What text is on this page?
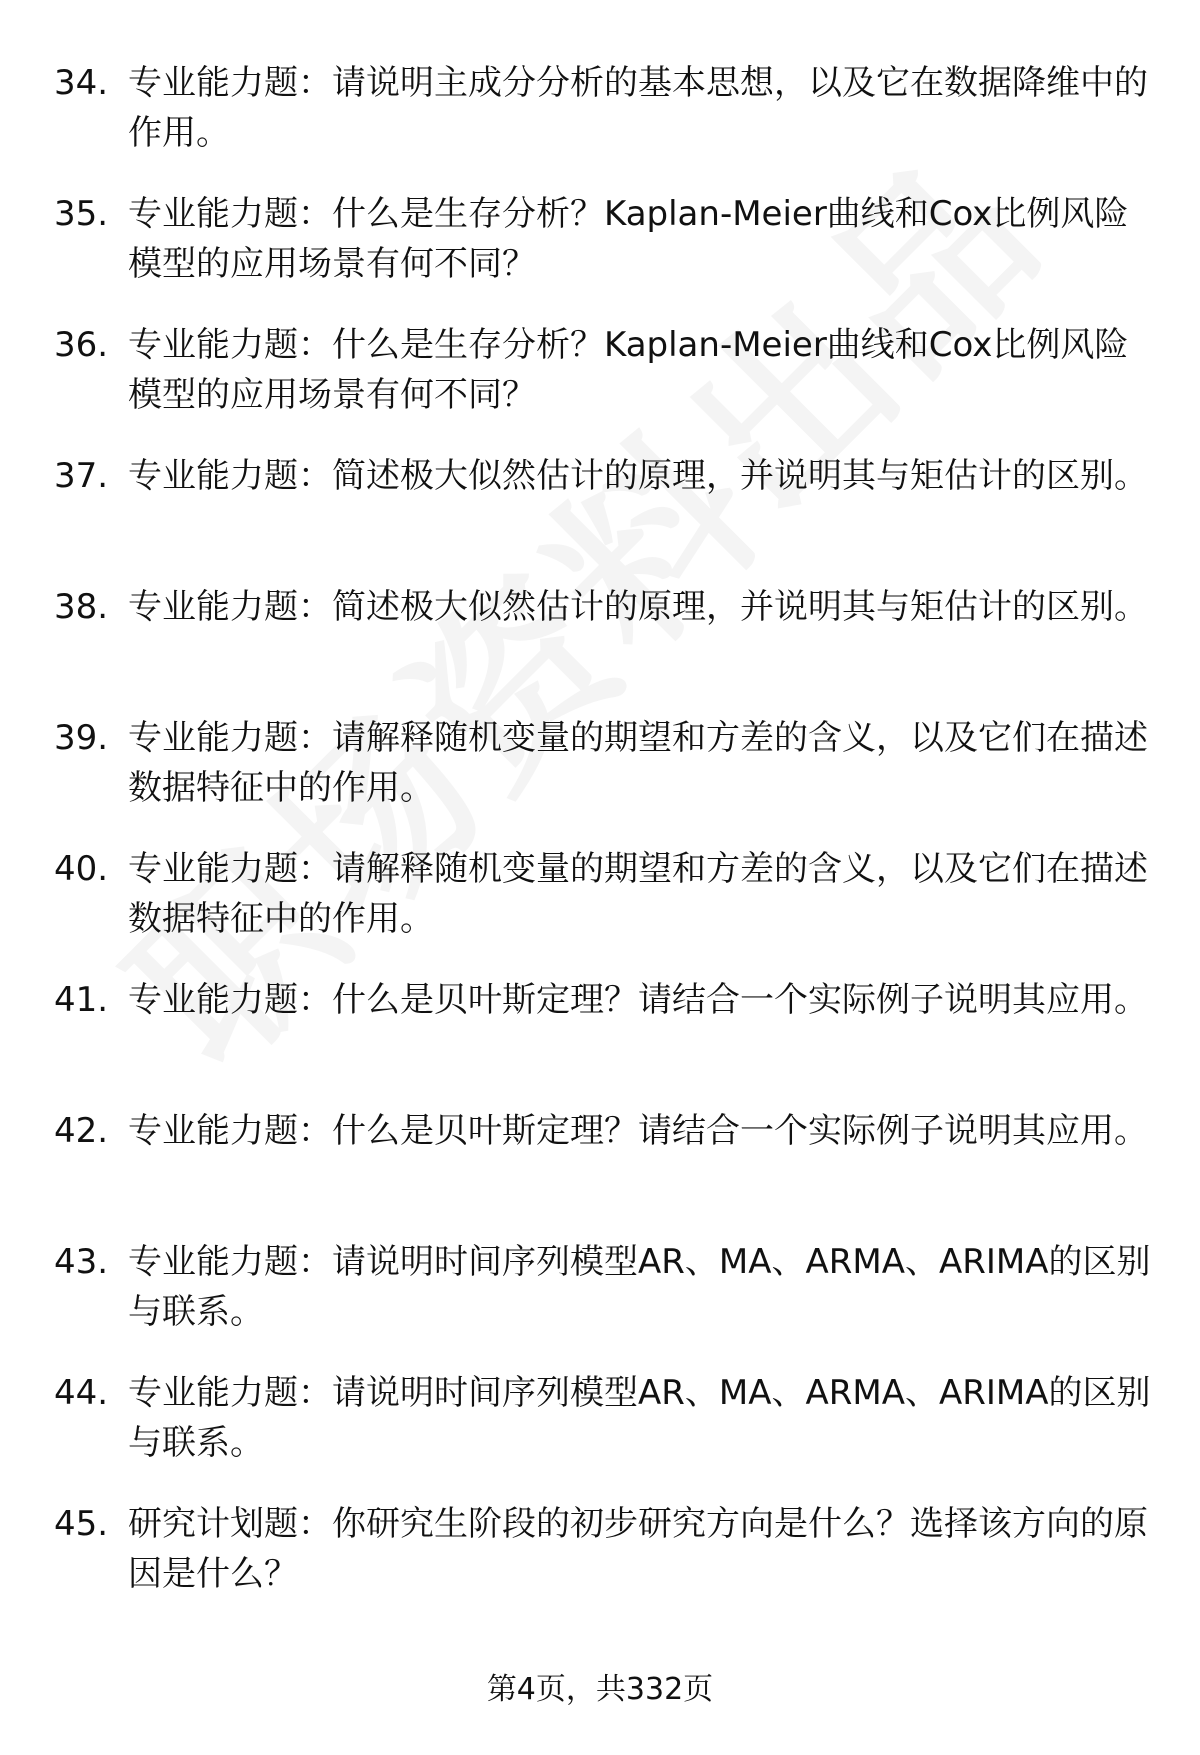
34. 专业能力题：请说明主成分分析的基本思想，以及它在数据降维中的作用。
35. 专业能力题：什么是生存分析？Kaplan-Meier曲线和Cox比例风险模型的应用场景有何不同？
36. 专业能力题：什么是生存分析？Kaplan-Meier曲线和Cox比例风险模型的应用场景有何不同？
37. 专业能力题：简述极大似然估计的原理，并说明其与矩估计的区别。
38. 专业能力题：简述极大似然估计的原理，并说明其与矩估计的区别。
39. 专业能力题：请解释随机变量的期望和方差的含义，以及它们在描述数据特征中的作用。
40. 专业能力题：请解释随机变量的期望和方差的含义，以及它们在描述数据特征中的作用。
41. 专业能力题：什么是贝叶斯定理？请结合一个实际例子说明其应用。
42. 专业能力题：什么是贝叶斯定理？请结合一个实际例子说明其应用。
43. 专业能力题：请说明时间序列模型AR、MA、ARMA、ARIMA的区别与联系。
44. 专业能力题：请说明时间序列模型AR、MA、ARMA、ARIMA的区别与联系。
45. 研究计划题：你研究生阶段的初步研究方向是什么？选择该方向的原因是什么？
第4页，共332页
